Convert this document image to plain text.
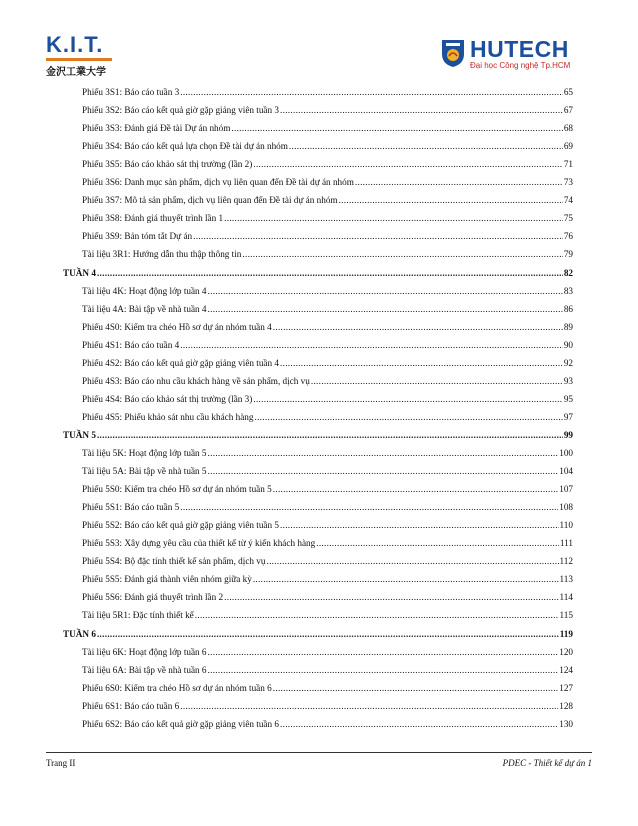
K.I.T.
金沢工業大学
HUTECH
Đại học Công nghệ Tp.HCM
Phiếu 3S1: Báo cáo tuần 3 .....	65
Phiếu 3S2: Báo cáo kết quả giờ gặp giảng viên tuần 3 .....	67
Phiếu 3S3: Đánh giá Đề tài Dự án nhóm .....	68
Phiếu 3S4: Báo cáo kết quả lựa chọn Đề tài dự án nhóm .....	69
Phiếu 3S5: Báo cáo khảo sát thị trường (lần 2) .....	71
Phiếu 3S6: Danh mục sản phẩm, dịch vụ liên quan đến Đề tài dự án nhóm .....	73
Phiếu 3S7: Mô tả sản phẩm, dịch vụ liên quan đến Đề tài dự án nhóm .....	74
Phiếu 3S8: Đánh giá thuyết trình lần 1 .....	75
Phiếu 3S9: Bản tóm tắt Dự án .....	76
Tài liệu 3R1: Hướng dẫn thu thập thông tin .....	79
TUẦN 4 .....	82
Tài liệu 4K: Hoạt động lớp tuần 4 .....	83
Tài liệu 4A: Bài tập về nhà tuần 4 .....	86
Phiếu 4S0: Kiểm tra chéo Hồ sơ dự án nhóm tuần 4 .....	89
Phiếu 4S1: Báo cáo tuần 4 .....	90
Phiếu 4S2: Báo cáo kết quả giờ gặp giảng viên tuần 4 .....	92
Phiếu 4S3: Báo cáo nhu cầu khách hàng về sản phẩm, dịch vụ .....	93
Phiếu 4S4: Báo cáo khảo sát thị trường (lần 3) .....	95
Phiếu 4S5: Phiếu khảo sát nhu cầu khách hàng .....	97
TUẦN 5 .....	99
Tài liệu 5K: Hoạt động lớp tuần 5 .....	100
Tài liệu 5A: Bài tập về nhà tuần 5 .....	104
Phiếu 5S0: Kiểm tra chéo Hồ sơ dự án nhóm tuần 5 .....	107
Phiếu 5S1: Báo cáo tuần 5 .....	108
Phiếu 5S2: Báo cáo kết quả giờ gặp giảng viên tuần 5 .....	110
Phiếu 5S3: Xây dựng yêu cầu của thiết kế từ ý kiến khách hàng .....	111
Phiếu 5S4: Bộ đặc tính thiết kế sản phẩm, dịch vụ .....	112
Phiếu 5S5: Đánh giá thành viên nhóm giữa kỳ .....	113
Phiếu 5S6: Đánh giá thuyết trình lần 2 .....	114
Tài liệu 5R1: Đặc tính thiết kế .....	115
TUẦN 6 .....	119
Tài liệu 6K: Hoạt động lớp tuần 6 .....	120
Tài liệu 6A: Bài tập về nhà tuần 6 .....	124
Phiếu 6S0: Kiểm tra chéo Hồ sơ dự án nhóm tuần 6 .....	127
Phiếu 6S1: Báo cáo tuần 6 .....	128
Phiếu 6S2: Báo cáo kết quả giờ gặp giảng viên tuần 6 .....	130
Trang II	PDEC - Thiết kế dự án 1
